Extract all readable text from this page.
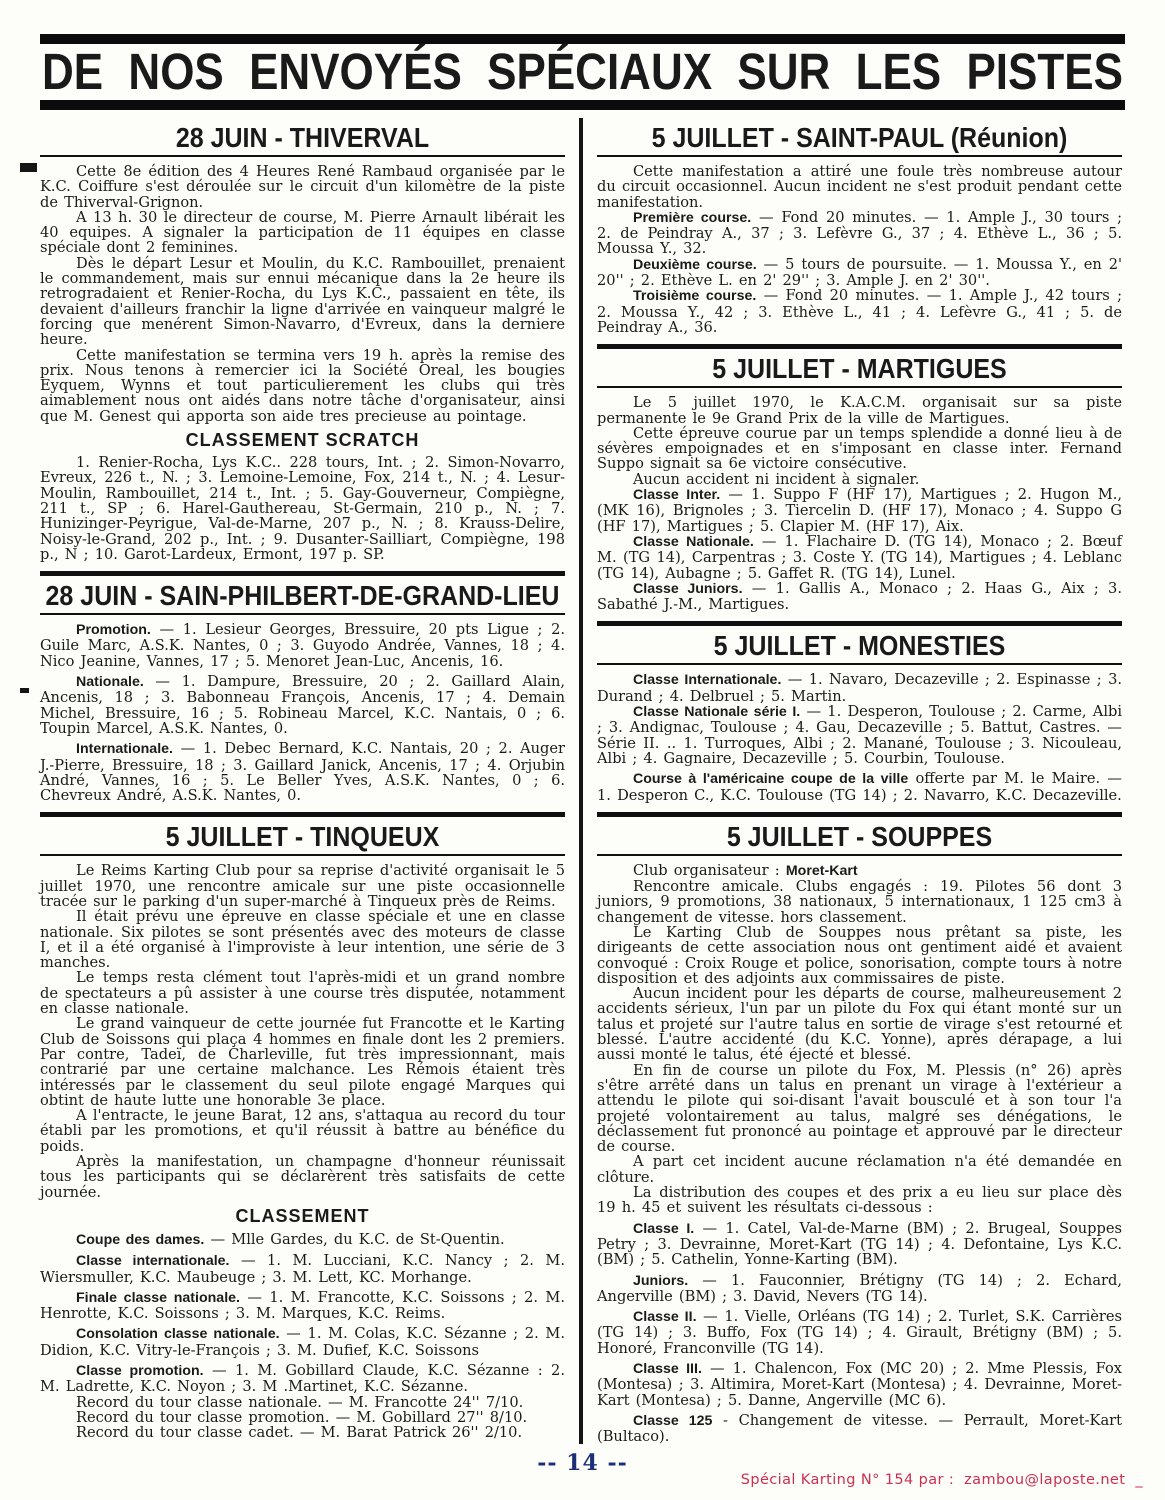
DE NOS ENVOYÉS SPÉCIAUX SUR LES PISTES
28 JUIN - THIVERVAL

Cette 8e édition des 4 Heures René Rambaud organisée par le K.C. Coiffure s'est déroulée sur le circuit d'un kilomètre de la piste de Thiverval-Grignon.

A 13 h. 30 le directeur de course, M. Pierre Arnault libérait les 40 equipes. A signaler la participation de 11 équipes en classe spéciale dont 2 feminines.

Dès le départ Lesur et Moulin, du K.C. Rambouillet, prenaient le commandement, mais sur ennui mécanique dans la 2e heure ils retrogradaient et Renier-Rocha, du Lys K.C., passaient en tête, ils devaient d'ailleurs franchir la ligne d'arrivée en vainqueur malgré le forcing que menérent Simon-Navarro, d'Evreux, dans la derniere heure.

Cette manifestation se termina vers 19 h. après la remise des prix. Nous tenons à remercier ici la Société Oreal, les bougies Eyquem, Wynns et tout particulierement les clubs qui très aimablement nous ont aidés dans notre tâche d'organisateur, ainsi que M. Genest qui apporta son aide tres precieuse au pointage.

CLASSEMENT SCRATCH

1. Renier-Rocha, Lys K.C.. 228 tours, Int. ; 2. Simon-Novarro, Evreux, 226 t., N. ; 3. Lemoine-Lemoine, Fox, 214 t., N. ; 4. Lesur-Moulin, Rambouillet, 214 t., Int. ; 5. Gay-Gouverneur, Compiègne, 211 t., SP ; 6. Harel-Gauthereau, St-Germain, 210 p., N. ; 7. Hunizinger-Peyrigue, Val-de-Marne, 207 p., N. ; 8. Krauss-Delire, Noisy-le-Grand, 202 p., Int. ; 9. Dusanter-Sailliart, Compiègne, 198 p., N ; 10. Garot-Lardeux, Ermont, 197 p. SP.

28 JUIN - SAIN-PHILBERT-DE-GRAND-LIEU

Promotion. — 1. Lesieur Georges, Bressuire, 20 pts Ligue ; 2. Guile Marc, A.S.K. Nantes, 0 ; 3. Guyodo Andrée, Vannes, 18 ; 4. Nico Jeanine, Vannes, 17 ; 5. Menoret Jean-Luc, Ancenis, 16.

Nationale. — 1. Dampure, Bressuire, 20 ; 2. Gaillard Alain, Ancenis, 18 ; 3. Babonneau François, Ancenis, 17 ; 4. Demain Michel, Bressuire, 16 ; 5. Robineau Marcel, K.C. Nantais, 0 ; 6. Toupin Marcel, A.S.K. Nantes, 0.

Internationale. — 1. Debec Bernard, K.C. Nantais, 20 ; 2. Auger J.-Pierre, Bressuire, 18 ; 3. Gaillard Janick, Ancenis, 17 ; 4. Orjubin André, Vannes, 16 ; 5. Le Beller Yves, A.S.K. Nantes, 0 ; 6. Chevreux André, A.S.K. Nantes, 0.

5 JUILLET - TINQUEUX

Le Reims Karting Club pour sa reprise d'activité organisait le 5 juillet 1970, une rencontre amicale sur une piste occasionnelle tracée sur le parking d'un super-marché à Tinqueux près de Reims.

Il était prévu une épreuve en classe spéciale et une en classe nationale. Six pilotes se sont présentés avec des moteurs de classe I, et il a été organisé à l'improviste à leur intention, une série de 3 manches.

Le temps resta clément tout l'après-midi et un grand nombre de spectateurs a pû assister à une course très disputée, notamment en classe nationale.

Le grand vainqueur de cette journée fut Francotte et le Karting Club de Soissons qui plaça 4 hommes en finale dont les 2 premiers. Par contre, Tadeï, de Charleville, fut très impressionnant, mais contrarié par une certaine malchance. Les Rémois étaient très intéressés par le classement du seul pilote engagé Marques qui obtint de haute lutte une honorable 3e place.

A l'entracte, le jeune Barat, 12 ans, s'attaqua au record du tour établi par les promotions, et qu'il réussit à battre au bénéfice du poids.

Après la manifestation, un champagne d'honneur réunissait tous les participants qui se déclarèrent très satisfaits de cette journée.

CLASSEMENT

Coupe des dames. — Mlle Gardes, du K.C. de St-Quentin.

Classe internationale. — 1. M. Lucciani, K.C. Nancy ; 2. M. Wiersmuller, K.C. Maubeuge ; 3. M. Lett, KC. Morhange.

Finale classe nationale. — 1. M. Francotte, K.C. Soissons ; 2. M. Henrotte, K.C. Soissons ; 3. M. Marques, K.C. Reims.

Consolation classe nationale. — 1. M. Colas, K.C. Sézanne ; 2. M. Didion, K.C. Vitry-le-François ; 3. M. Dufief, K.C. Soissons

Classe promotion. — 1. M. Gobillard Claude, K.C. Sézanne : 2. M. Ladrette, K.C. Noyon ; 3. M .Martinet, K.C. Sézanne.

Record du tour classe nationale. — M. Francotte 24'' 7/10.

Record du tour classe promotion. — M. Gobillard 27'' 8/10.

Record du tour classe cadet. — M. Barat Patrick 26'' 2/10.

5 JUILLET - SAINT-PAUL (Réunion)

Cette manifestation a attiré une foule très nombreuse autour du circuit occasionnel. Aucun incident ne s'est produit pendant cette manifestation.

Première course. — Fond 20 minutes. — 1. Ample J., 30 tours ; 2. de Peindray A., 37 ; 3. Lefèvre G., 37 ; 4. Ethève L., 36 ; 5. Moussa Y., 32.

Deuxième course. — 5 tours de poursuite. — 1. Moussa Y., en 2' 20'' ; 2. Ethève L. en 2' 29'' ; 3. Ample J. en 2' 30''.

Troisième course. — Fond 20 minutes. — 1. Ample J., 42 tours ; 2. Moussa Y., 42 ; 3. Ethève L., 41 ; 4. Lefèvre G., 41 ; 5. de Peindray A., 36.

5 JUILLET - MARTIGUES

Le 5 juillet 1970, le K.A.C.M. organisait sur sa piste permanente le 9e Grand Prix de la ville de Martigues.

Cette épreuve courue par un temps splendide a donné lieu à de sévères empoignades et en s'imposant en classe inter. Fernand Suppo signait sa 6e victoire consécutive.

Aucun accident ni incident à signaler.

Classe Inter. — 1. Suppo F (HF 17), Martigues ; 2. Hugon M., (MK 16), Brignoles ; 3. Tiercelin D. (HF 17), Monaco ; 4. Suppo G (HF 17), Martigues ; 5. Clapier M. (HF 17), Aix.

Classe Nationale. — 1. Flachaire D. (TG 14), Monaco ; 2. Bœuf M. (TG 14), Carpentras ; 3. Coste Y. (TG 14), Martigues ; 4. Leblanc (TG 14), Aubagne ; 5. Gaffet R. (TG 14), Lunel.

Classe Juniors. — 1. Gallis A., Monaco ; 2. Haas G., Aix ; 3. Sabathé J.-M., Martigues.

5 JUILLET - MONESTIES

Classe Internationale. — 1. Navaro, Decazeville ; 2. Espinasse ; 3. Durand ; 4. Delbruel ; 5. Martin.

Classe Nationale série I. — 1. Desperon, Toulouse ; 2. Carme, Albi ; 3. Andignac, Toulouse ; 4. Gau, Decazeville ; 5. Battut, Castres. — Série II. .. 1. Turroques, Albi ; 2. Manané, Toulouse ; 3. Nicouleau, Albi ; 4. Gagnaire, Decazeville ; 5. Courbin, Toulouse.

Course à l'américaine coupe de la ville offerte par M. le Maire. — 1. Desperon C., K.C. Toulouse (TG 14) ; 2. Navarro, K.C. Decazeville.

5 JUILLET - SOUPPES

Club organisateur : Moret-Kart

Rencontre amicale. Clubs engagés : 19. Pilotes 56 dont 3 juniors, 9 promotions, 38 nationaux, 5 internationaux, 1 125 cm3 à changement de vitesse. hors classement.

Le Karting Club de Souppes nous prêtant sa piste, les dirigeants de cette association nous ont gentiment aidé et avaient convoqué : Croix Rouge et police, sonorisation, compte tours à notre disposition et des adjoints aux commissaires de piste.

Aucun incident pour les départs de course, malheureusement 2 accidents sérieux, l'un par un pilote du Fox qui étant monté sur un talus et projeté sur l'autre talus en sortie de virage s'est retourné et blessé. L'autre accidenté (du K.C. Yonne), après dérapage, a lui aussi monté le talus, été éjecté et blessé.

En fin de course un pilote du Fox, M. Plessis (n° 26) après s'être arrêté dans un talus en prenant un virage à l'extérieur a attendu le pilote qui soi-disant l'avait bousculé et à son tour l'a projeté volontairement au talus, malgré ses dénégations, le déclassement fut prononcé au pointage et approuvé par le directeur de course.

A part cet incident aucune réclamation n'a été demandée en clôture.

La distribution des coupes et des prix a eu lieu sur place dès 19 h. 45 et suivent les résultats ci-dessous :

Classe I. — 1. Catel, Val-de-Marne (BM) ; 2. Brugeal, Souppes Petry ; 3. Devrainne, Moret-Kart (TG 14) ; 4. Defontaine, Lys K.C. (BM) ; 5. Cathelin, Yonne-Karting (BM).

Juniors. — 1. Fauconnier, Brétigny (TG 14) ; 2. Echard, Angerville (BM) ; 3. David, Nevers (TG 14).

Classe II. — 1. Vielle, Orléans (TG 14) ; 2. Turlet, S.K. Carrières (TG 14) ; 3. Buffo, Fox (TG 14) ; 4. Girault, Brétigny (BM) ; 5. Honoré, Franconville (TG 14).

Classe III. — 1. Chalencon, Fox (MC 20) ; 2. Mme Plessis, Fox (Montesa) ; 3. Altimira, Moret-Kart (Montesa) ; 4. Devrainne, Moret-Kart (Montesa) ; 5. Danne, Angerville (MC 6).

Classe 125 - Changement de vitesse. — Perrault, Moret-Kart (Bultaco).

-- 14 --
Spécial Karting N° 154 par :  zambou@laposte.net  _
